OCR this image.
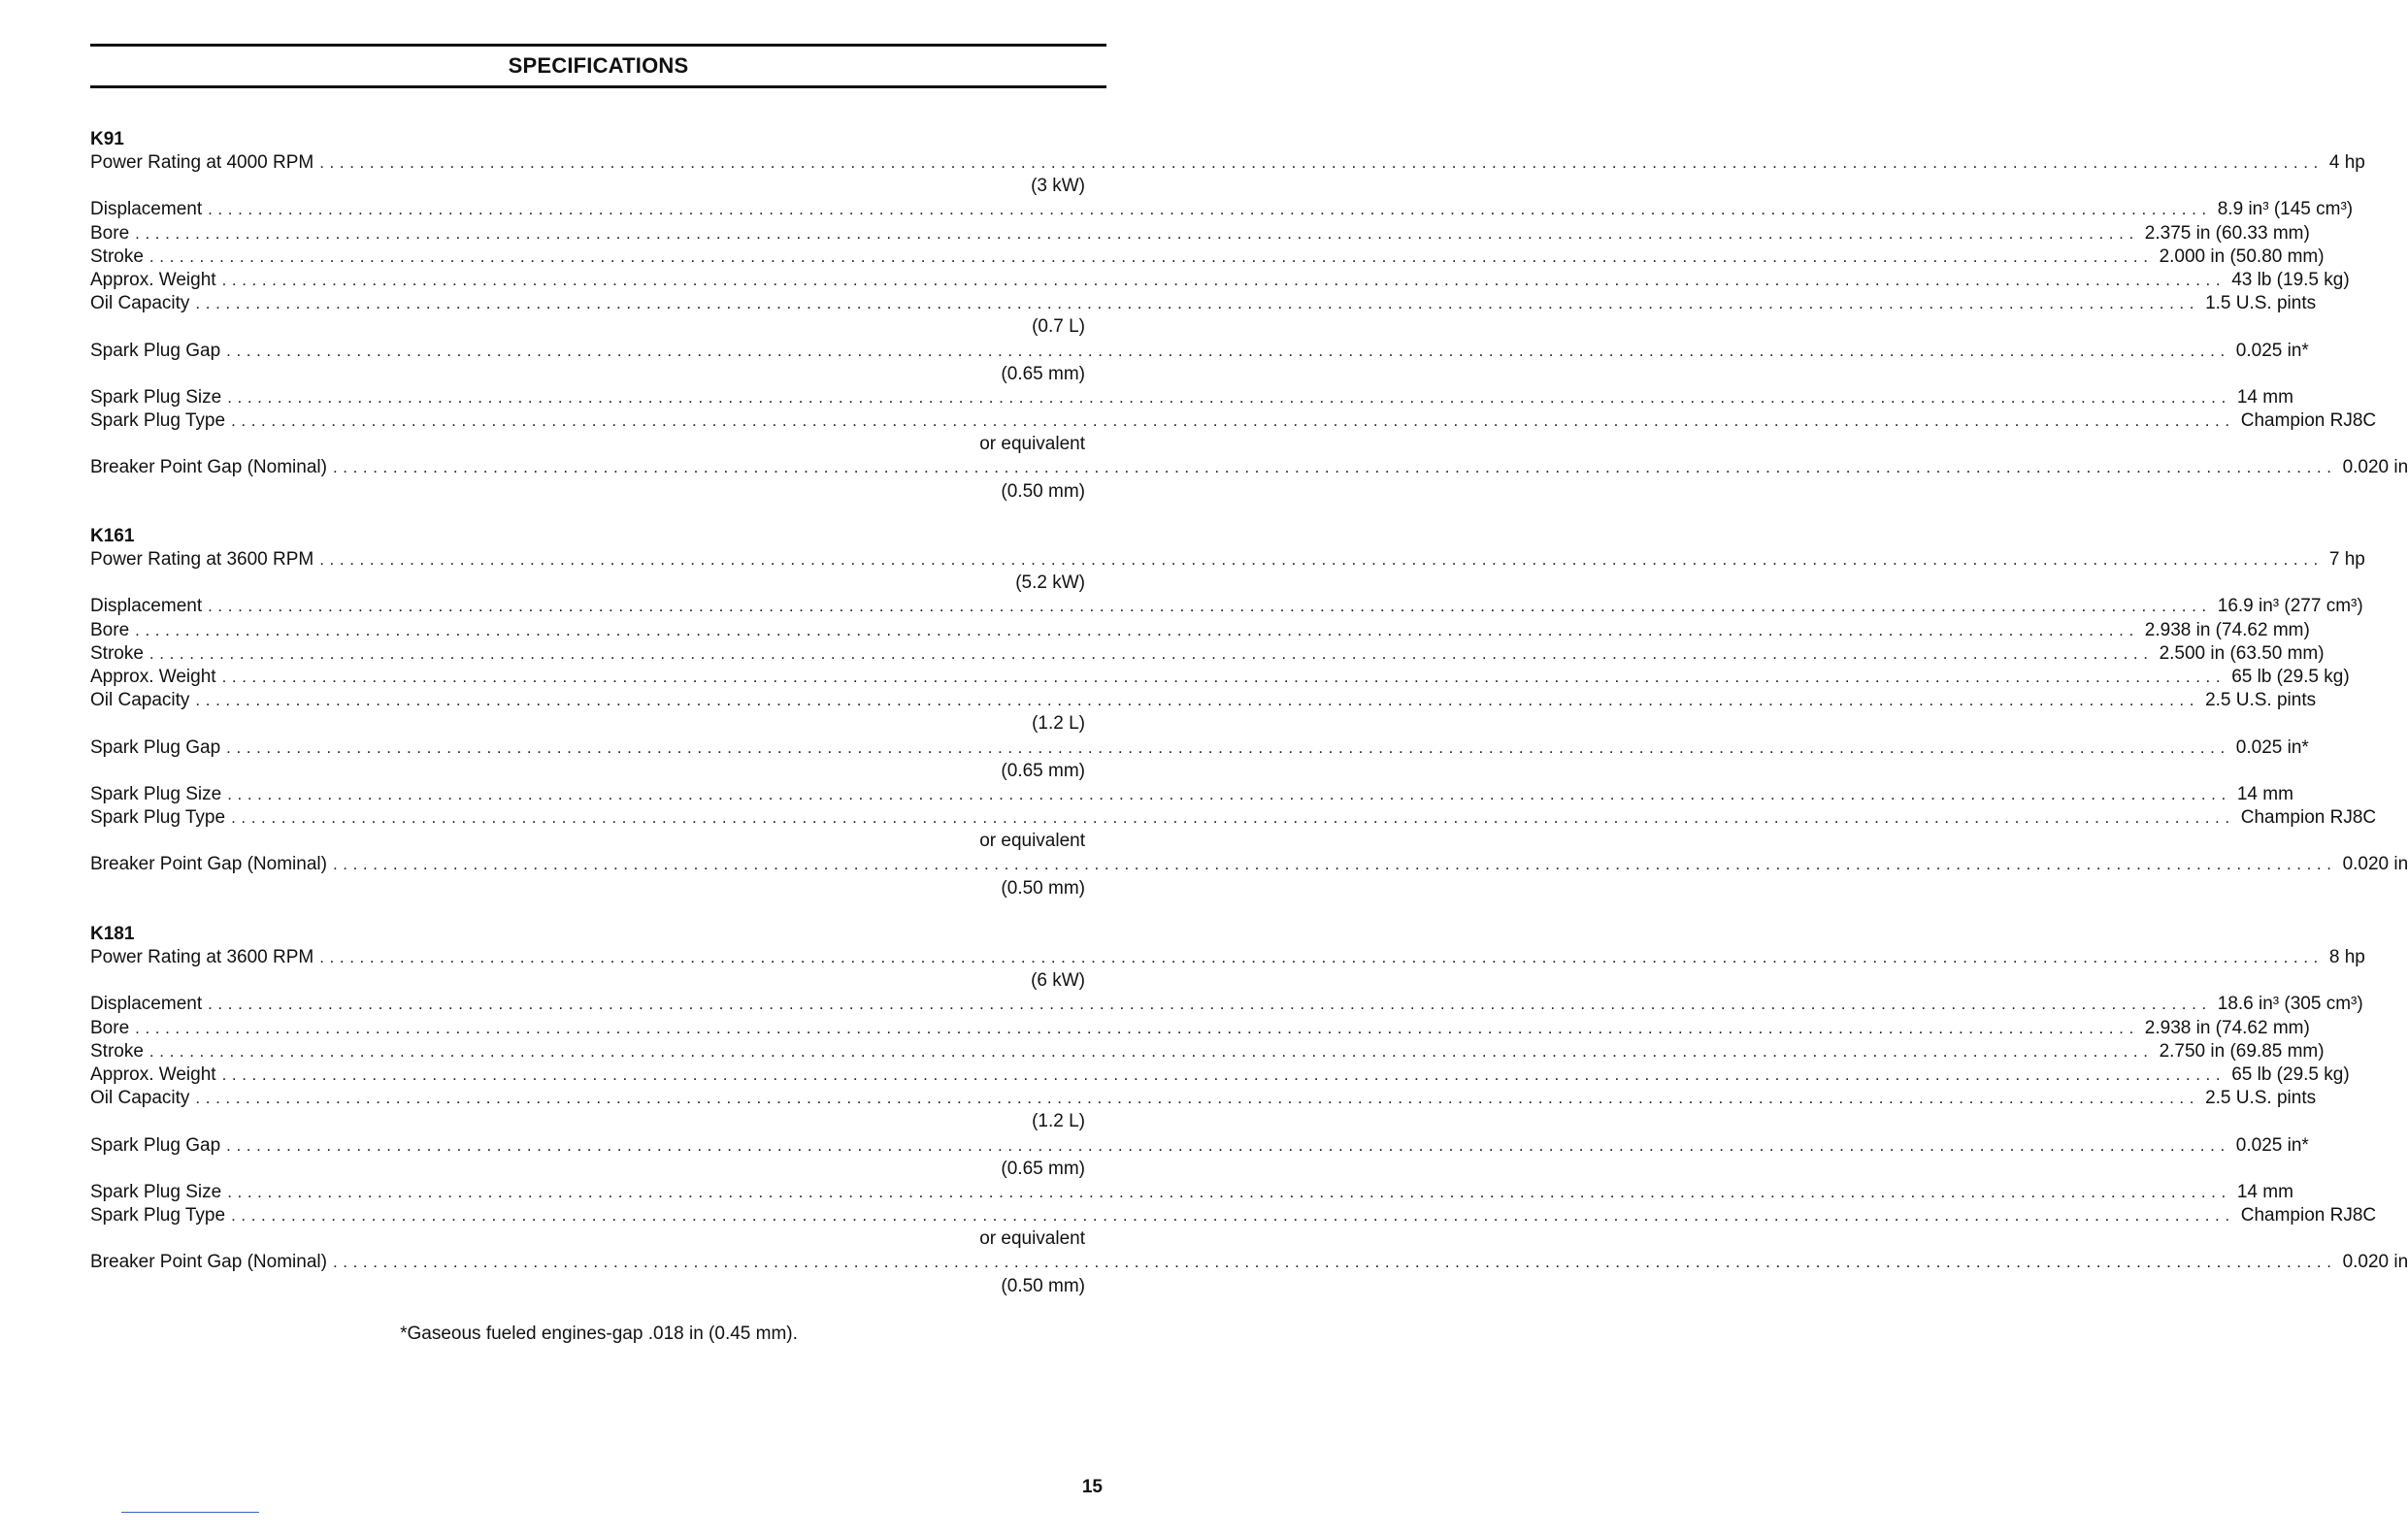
SPECIFICATIONS
K91
Power Rating at 4000 RPM ........................................................................................................................................................................................................ 4 hp
(3 kW)
Displacement ........................................................................................................................................................................................................ 8.9 in³ (145 cm³)
Bore ........................................................................................................................................................................................................ 2.375 in (60.33 mm)
Stroke ........................................................................................................................................................................................................ 2.000 in (50.80 mm)
Approx. Weight ........................................................................................................................................................................................................ 43 lb (19.5 kg)
Oil Capacity ........................................................................................................................................................................................................ 1.5 U.S. pints
(0.7 L)
Spark Plug Gap ........................................................................................................................................................................................................ 0.025 in*
(0.65 mm)
Spark Plug Size ........................................................................................................................................................................................................ 14 mm
Spark Plug Type ........................................................................................................................................................................................................ Champion RJ8C
or equivalent
Breaker Point Gap (Nominal) ........................................................................................................................................................................................................ 0.020 in
(0.50 mm)
K161
Power Rating at 3600 RPM ........................................................................................................................................................................................................ 7 hp
(5.2 kW)
Displacement ........................................................................................................................................................................................................ 16.9 in³ (277 cm³)
Bore ........................................................................................................................................................................................................ 2.938 in (74.62 mm)
Stroke ........................................................................................................................................................................................................ 2.500 in (63.50 mm)
Approx. Weight ........................................................................................................................................................................................................ 65 lb (29.5 kg)
Oil Capacity ........................................................................................................................................................................................................ 2.5 U.S. pints
(1.2 L)
Spark Plug Gap ........................................................................................................................................................................................................ 0.025 in*
(0.65 mm)
Spark Plug Size ........................................................................................................................................................................................................ 14 mm
Spark Plug Type ........................................................................................................................................................................................................ Champion RJ8C
or equivalent
Breaker Point Gap (Nominal) ........................................................................................................................................................................................................ 0.020 in
(0.50 mm)
K181
Power Rating at 3600 RPM ........................................................................................................................................................................................................ 8 hp
(6 kW)
Displacement ........................................................................................................................................................................................................ 18.6 in³ (305 cm³)
Bore ........................................................................................................................................................................................................ 2.938 in (74.62 mm)
Stroke ........................................................................................................................................................................................................ 2.750 in (69.85 mm)
Approx. Weight ........................................................................................................................................................................................................ 65 lb (29.5 kg)
Oil Capacity ........................................................................................................................................................................................................ 2.5 U.S. pints
(1.2 L)
Spark Plug Gap ........................................................................................................................................................................................................ 0.025 in*
(0.65 mm)
Spark Plug Size ........................................................................................................................................................................................................ 14 mm
Spark Plug Type ........................................................................................................................................................................................................ Champion RJ8C
or equivalent
Breaker Point Gap (Nominal) ........................................................................................................................................................................................................ 0.020 in
(0.50 mm)
*Gaseous fueled engines-gap .018 in (0.45 mm).
15
